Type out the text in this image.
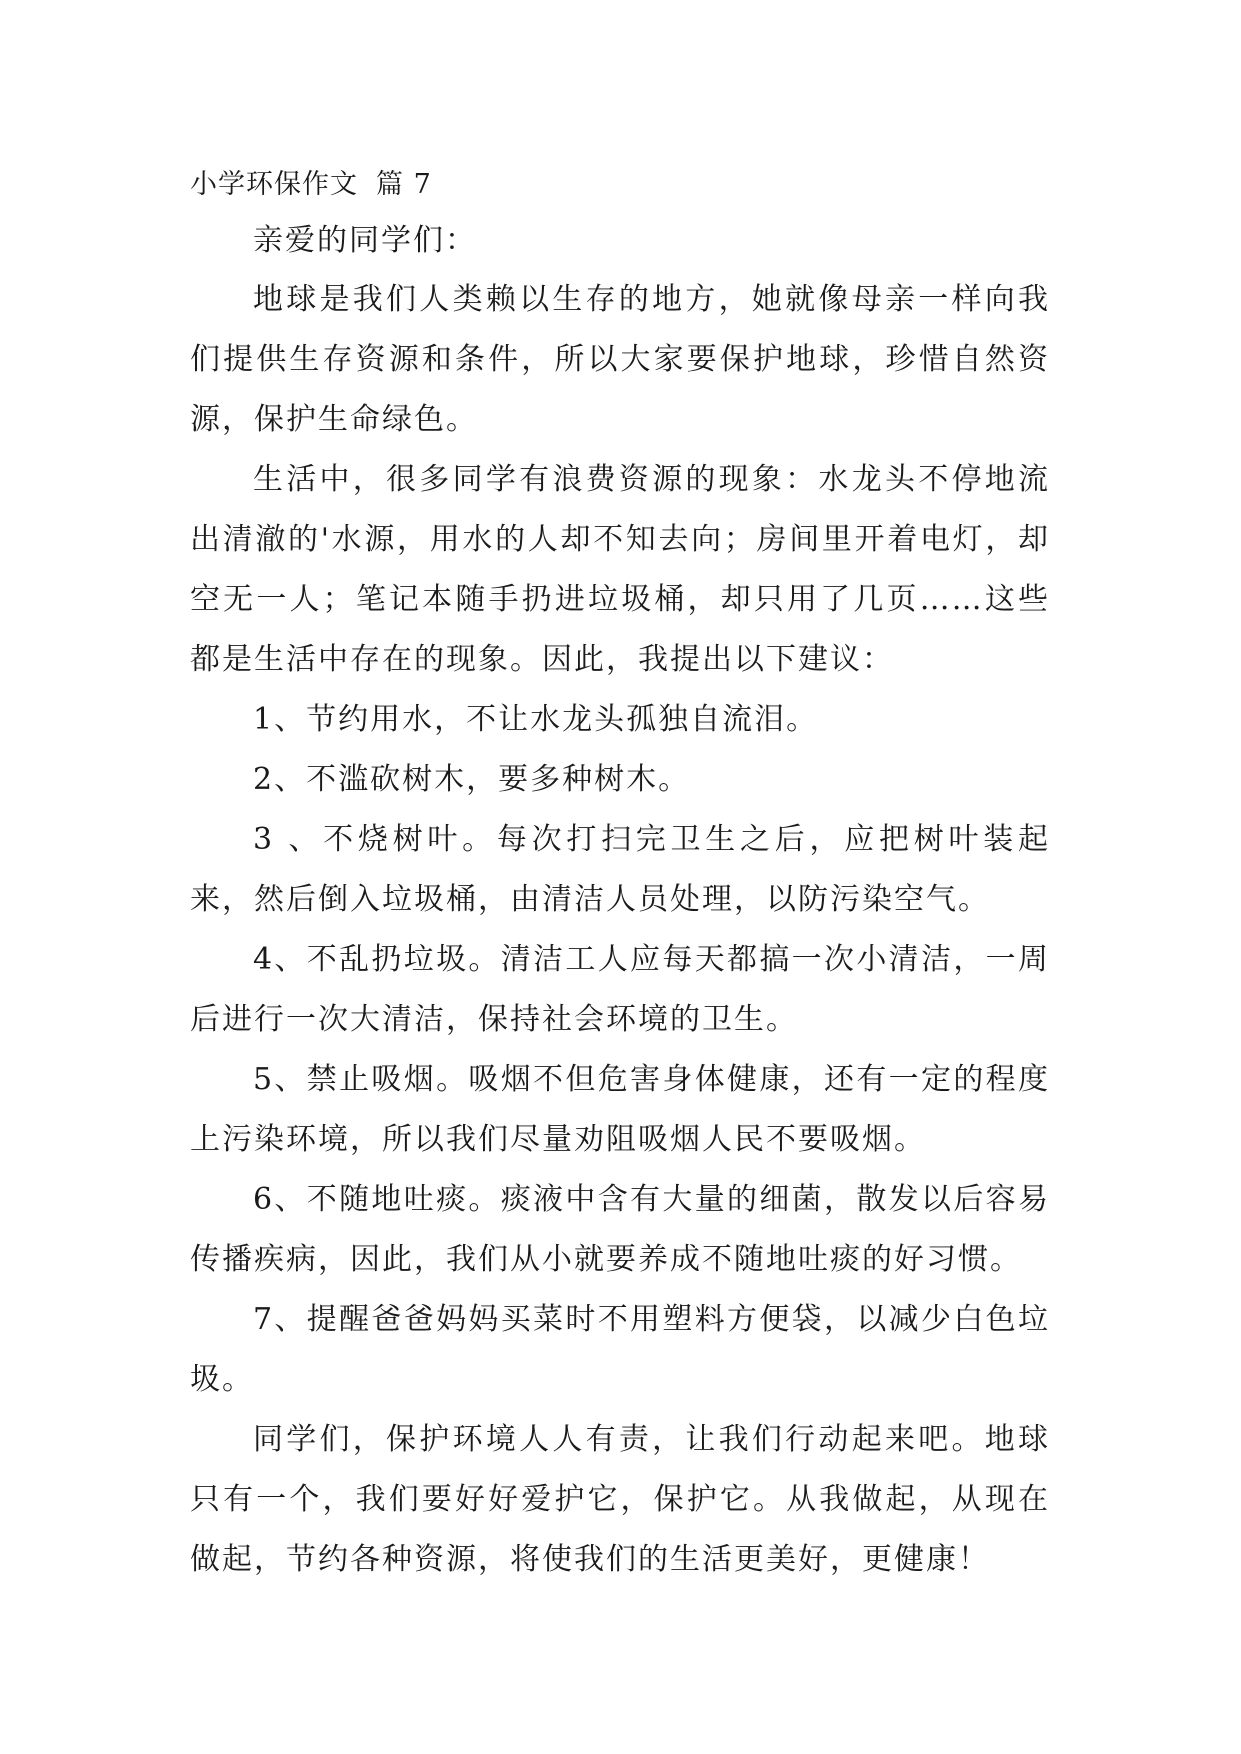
小学环保作文 篇 7

亲爱的同学们：

地球是我们人类赖以生存的地方，她就像母亲一样向我们提供生存资源和条件，所以大家要保护地球，珍惜自然资源，保护生命绿色。

生活中，很多同学有浪费资源的现象：水龙头不停地流出清澈的'水源，用水的人却不知去向；房间里开着电灯，却空无一人；笔记本随手扔进垃圾桶，却只用了几页……这些都是生活中存在的现象。因此，我提出以下建议：

1、节约用水，不让水龙头孤独自流泪。

2、不滥砍树木，要多种树木。

3 、不烧树叶。每次打扫完卫生之后，应把树叶装起来，然后倒入垃圾桶，由清洁人员处理，以防污染空气。

4、不乱扔垃圾。清洁工人应每天都搞一次小清洁，一周后进行一次大清洁，保持社会环境的卫生。

5、禁止吸烟。吸烟不但危害身体健康，还有一定的程度上污染环境，所以我们尽量劝阻吸烟人民不要吸烟。

6、不随地吐痰。痰液中含有大量的细菌，散发以后容易传播疾病，因此，我们从小就要养成不随地吐痰的好习惯。

7、提醒爸爸妈妈买菜时不用塑料方便袋，以减少白色垃圾。

同学们，保护环境人人有责，让我们行动起来吧。地球只有一个，我们要好好爱护它，保护它。从我做起，从现在做起，节约各种资源，将使我们的生活更美好，更健康！
